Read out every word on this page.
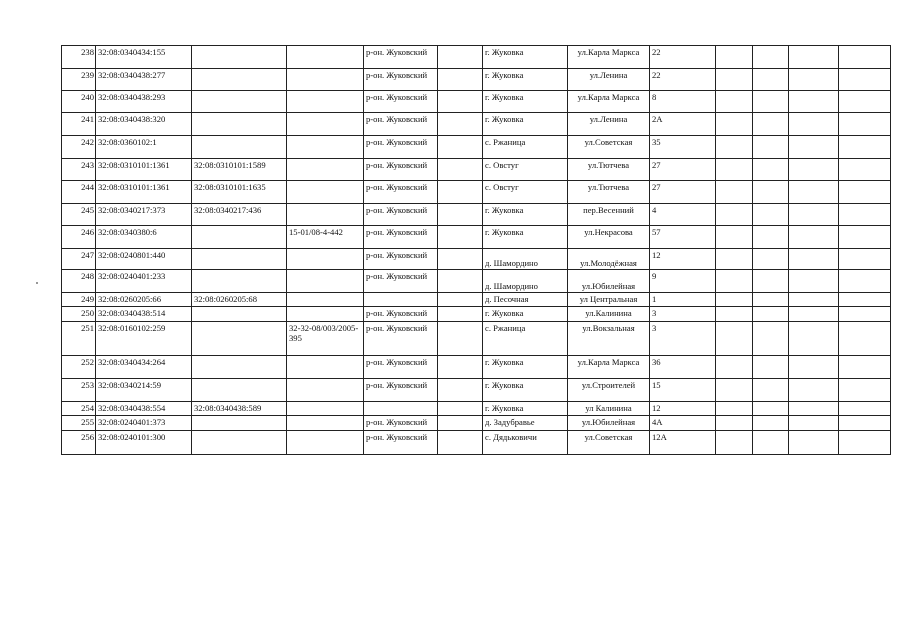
238	32:08:0340434:155			р-он. Жуковский		г. Жуковка	ул.Карла Маркса	22				
239	32:08:0340438:277			р-он. Жуковский		г. Жуковка	ул.Ленина	22				
240	32:08:0340438:293			р-он. Жуковский		г. Жуковка	ул.Карла Маркса	8				
241	32:08:0340438:320			р-он. Жуковский		г. Жуковка	ул.Ленина	2А				
242	32:08:0360102:1			р-он. Жуковский		с. Ржаница	ул.Советская	35				
243	32:08:0310101:1361	32:08:0310101:1589		р-он. Жуковский		с. Овстуг	ул.Тютчева	27				
244	32:08:0310101:1361	32:08:0310101:1635		р-он. Жуковский		с. Овстуг	ул.Тютчева	27				
245	32:08:0340217:373	32:08:0340217:436		р-он. Жуковский		г. Жуковка	пер.Весенний	4				
246	32:08:0340380:6		15-01/08-4-442	р-он. Жуковский		г. Жуковка	ул.Некрасова	57				
247	32:08:0240801:440			р-он. Жуковский		д. Шамордино	ул.Молодёжная	12				
248	32:08:0240401:233			р-он. Жуковский		д. Шамордино	ул.Юбилейная	9				
249	32:08:0260205:66	32:08:0260205:68				д. Песочная	ул Центральная	1				
250	32:08:0340438:514			р-он. Жуковский		г. Жуковка	ул.Калинина	3				
251	32:08:0160102:259		32-32-08/003/2005-395	р-он. Жуковский		с. Ржаница	ул.Вокзальная	3				
252	32:08:0340434:264			р-он. Жуковский		г. Жуковка	ул.Карла Маркса	36				
253	32:08:0340214:59			р-он. Жуковский		г. Жуковка	ул.Строителей	15				
254	32:08:0340438:554	32:08:0340438:589				г. Жуковка	ул Калинина	12				
255	32:08:0240401:373			р-он. Жуковский		д. Задубравье	ул.Юбилейная	4А				
256	32:08:0240101:300			р-он. Жуковский		с. Дядьковичи	ул.Советская	12А				
